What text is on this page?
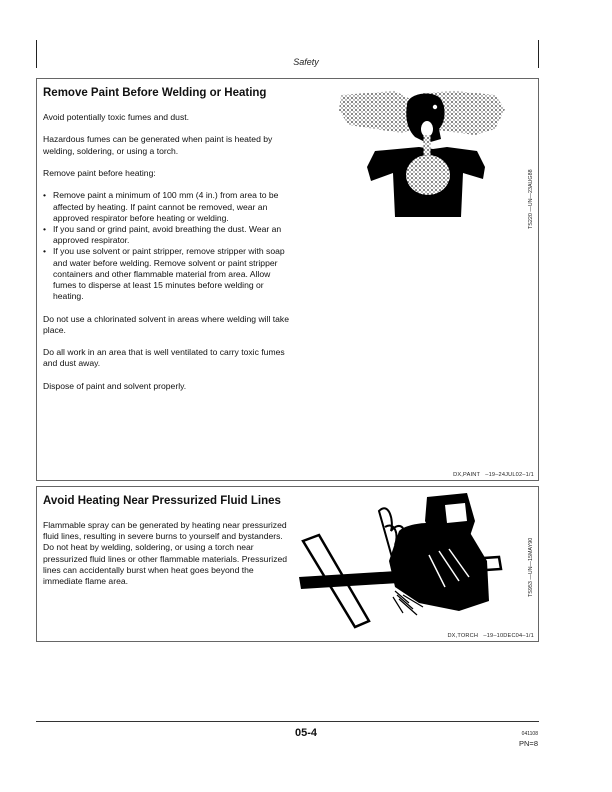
Safety
Remove Paint Before Welding or Heating

Avoid potentially toxic fumes and dust.

Hazardous fumes can be generated when paint is heated by welding, soldering, or using a torch.

Remove paint before heating:

• Remove paint a minimum of 100 mm (4 in.) from area to be affected by heating. If paint cannot be removed, wear an approved respirator before heating or welding.
• If you sand or grind paint, avoid breathing the dust. Wear an approved respirator.
• If you use solvent or paint stripper, remove stripper with soap and water before welding. Remove solvent or paint stripper containers and other flammable material from area. Allow fumes to disperse at least 15 minutes before welding or heating.

Do not use a chlorinated solvent in areas where welding will take place.

Do all work in an area that is well ventilated to carry toxic fumes and dust away.

Dispose of paint and solvent properly.

TS220 —UN—23AUG88
DX,PAINT   –19–24JUL02–1/1
Avoid Heating Near Pressurized Fluid Lines

Flammable spray can be generated by heating near pressurized fluid lines, resulting in severe burns to yourself and bystanders. Do not heat by welding, soldering, or using a torch near pressurized fluid lines or other flammable materials. Pressurized lines can accidentally burst when heat goes beyond the immediate flame area.	TS953 —UN—15MAY90
DX,TORCH   –19–10DEC04–1/1
05-4	041108
PN=8
